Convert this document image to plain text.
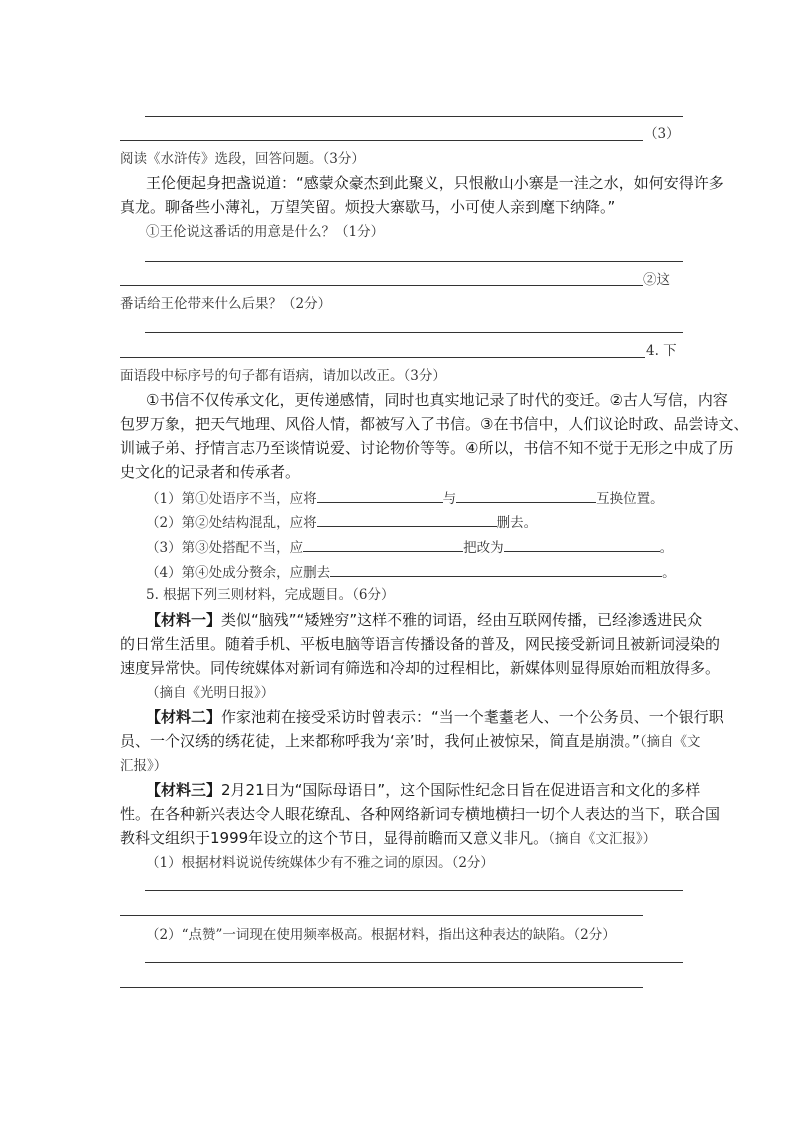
（3）
阅读《水浒传》选段，回答问题。（3分）
王伦便起身把盏说道：“感蒙众豪杰到此聚义，只恨敝山小寨是一洼之水，如何安得许多
真龙。聊备些小薄礼，万望笑留。烦投大寨歇马，小可使人亲到麾下纳降。”
①王伦说这番话的用意是什么？（1分）
②这
番话给王伦带来什么后果？（2分）
4. 下
面语段中标序号的句子都有语病，请加以改正。（3分）
①书信不仅传承文化，更传递感情，同时也真实地记录了时代的变迁。②古人写信，内容
包罗万象，把天气地理、风俗人情，都被写入了书信。③在书信中，人们议论时政、品尝诗文、
训诫子弟、抒情言志乃至谈情说爱、讨论物价等等。④所以，书信不知不觉于无形之中成了历
史文化的记录者和传承者。
（1）第①处语序不当，应将	与	互换位置。
（2）第②处结构混乱，应将	删去。
（3）第③处搭配不当，应	把改为	。
（4）第④处成分赘余，应删去	。
5. 根据下列三则材料，完成题目。（6分）
【材料一】类似“脑残”“矮矬穷”这样不雅的词语，经由互联网传播，已经渗透进民众
的日常生活里。随着手机、平板电脑等语言传播设备的普及，网民接受新词且被新词浸染的
速度异常快。同传统媒体对新词有筛选和冷却的过程相比，新媒体则显得原始而粗放得多。
（摘自《光明日报》）
【材料二】作家池莉在接受采访时曾表示：“当一个耄耋老人、一个公务员、一个银行职
员、一个汉绣的绣花徒，上来都称呼我为‘亲’时，我何止被惊呆，简直是崩溃。”（摘自《文
汇报》）
【材料三】2月21日为“国际母语日”，这个国际性纪念日旨在促进语言和文化的多样
性。在各种新兴表达令人眼花缭乱、各种网络新词专横地横扫一切个人表达的当下，联合国
教科文组织于1999年设立的这个节日，显得前瞻而又意义非凡。（摘自《文汇报》）
（1）根据材料说说传统媒体少有不雅之词的原因。（2分）
（2）“点赞”一词现在使用频率极高。根据材料，指出这种表达的缺陷。（2分）
